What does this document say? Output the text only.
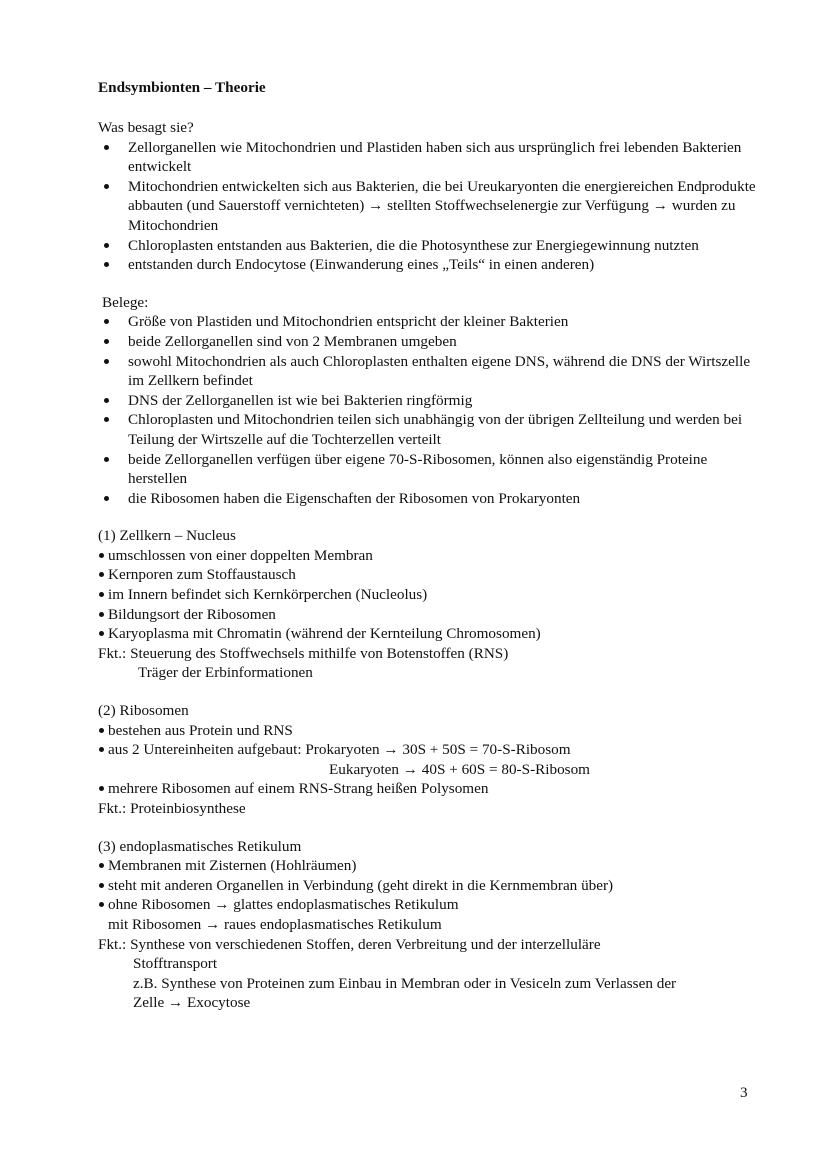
Endsymbionten – Theorie

Was besagt sie?

Zellorganellen wie Mitochondrien und Plastiden haben sich aus ursprünglich frei lebenden Bakterien entwickelt
Mitochondrien entwickelten sich aus Bakterien, die bei Ureukaryonten die energiereichen Endprodukte abbauten (und Sauerstoff vernichteten) → stellten Stoffwechselenergie zur Verfügung → wurden zu Mitochondrien
Chloroplasten entstanden aus Bakterien, die die Photosynthese zur Energiegewinnung nutzten
entstanden durch Endocytose (Einwanderung eines „Teils“ in einen anderen)

Belege:

Größe von Plastiden und Mitochondrien entspricht der kleiner Bakterien
beide Zellorganellen sind von 2 Membranen umgeben
sowohl Mitochondrien als auch Chloroplasten enthalten eigene DNS, während die DNS der Wirtszelle im Zellkern befindet
DNS der Zellorganellen ist wie bei Bakterien ringförmig
Chloroplasten und Mitochondrien teilen sich unabhängig von der übrigen Zellteilung und werden bei Teilung der Wirtszelle auf die Tochterzellen verteilt
beide Zellorganellen verfügen über eigene 70-S-Ribosomen, können also eigenständig Proteine herstellen
die Ribosomen haben die Eigenschaften der Ribosomen von Prokaryonten

(1) Zellkern – Nucleus

umschlossen von einer doppelten Membran
Kernporen zum Stoffaustausch
im Innern befindet sich Kernkörperchen (Nucleolus)
Bildungsort der Ribosomen
Karyoplasma mit Chromatin (während der Kernteilung Chromosomen)

Fkt.: Steuerung des Stoffwechsels mithilfe von Botenstoffen (RNS)

Träger der Erbinformationen

(2) Ribosomen

bestehen aus Protein und RNS
aus 2 Untereinheiten aufgebaut: Prokaryoten → 30S + 50S = 70-S-Ribosom

Eukaryoten → 40S + 60S = 80-S-Ribosom

mehrere Ribosomen auf einem RNS-Strang heißen Polysomen

Fkt.: Proteinbiosynthese

(3) endoplasmatisches Retikulum

Membranen mit Zisternen (Hohlräumen)
steht mit anderen Organellen in Verbindung (geht direkt in die Kernmembran über)
ohne Ribosomen → glattes endoplasmatisches Retikulum

mit Ribosomen → raues endoplasmatisches Retikulum

Fkt.: Synthese von verschiedenen Stoffen, deren Verbreitung und der interzelluläre

Stofftransport

z.B. Synthese von Proteinen zum Einbau in Membran oder in Vesiceln zum Verlassen der

Zelle → Exocytose

3
